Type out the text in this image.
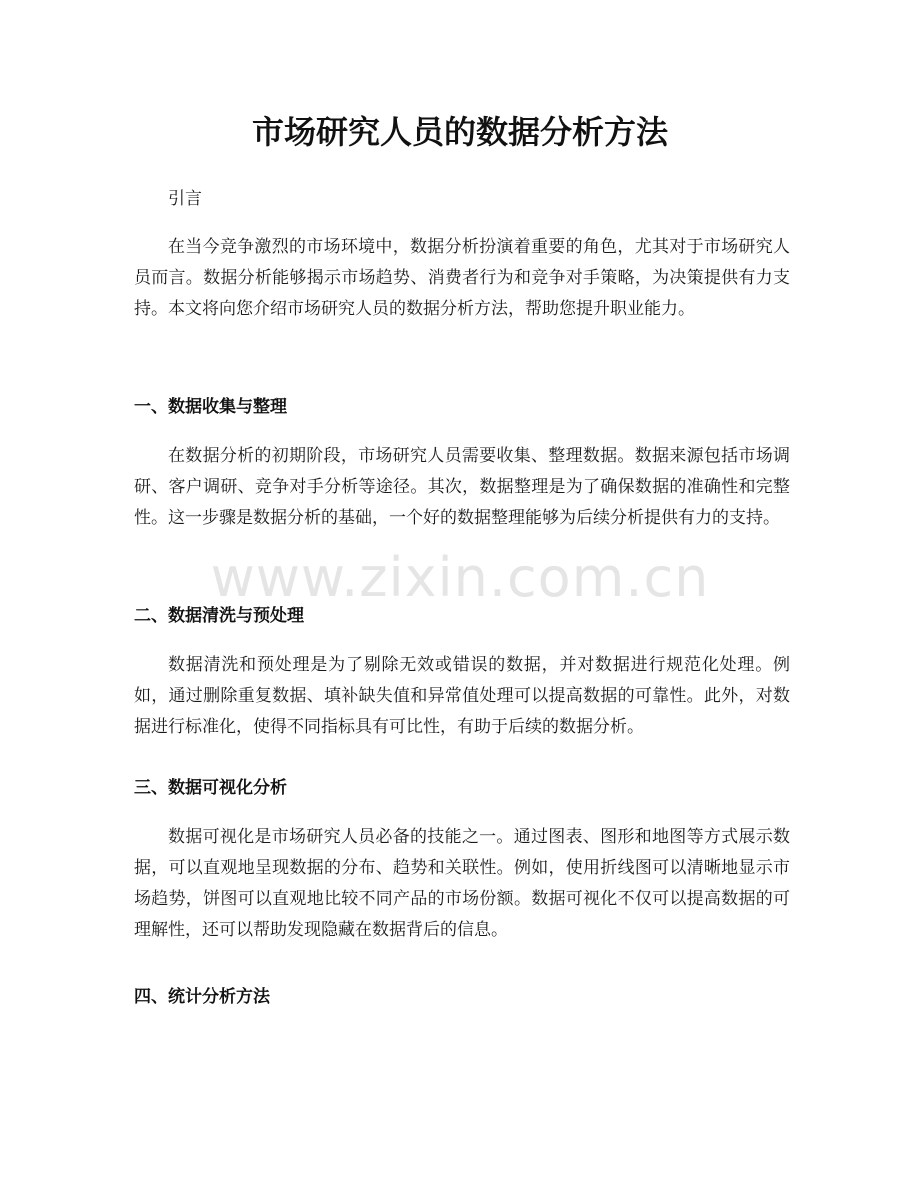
市场研究人员的数据分析方法

引言

在当今竞争激烈的市场环境中，数据分析扮演着重要的角色，尤其对于市场研究人员而言。数据分析能够揭示市场趋势、消费者行为和竞争对手策略，为决策提供有力支持。本文将向您介绍市场研究人员的数据分析方法，帮助您提升职业能力。

一、数据收集与整理

在数据分析的初期阶段，市场研究人员需要收集、整理数据。数据来源包括市场调研、客户调研、竞争对手分析等途径。其次，数据整理是为了确保数据的准确性和完整性。这一步骤是数据分析的基础，一个好的数据整理能够为后续分析提供有力的支持。

二、数据清洗与预处理

数据清洗和预处理是为了剔除无效或错误的数据，并对数据进行规范化处理。例如，通过删除重复数据、填补缺失值和异常值处理可以提高数据的可靠性。此外，对数据进行标准化，使得不同指标具有可比性，有助于后续的数据分析。

三、数据可视化分析

数据可视化是市场研究人员必备的技能之一。通过图表、图形和地图等方式展示数据，可以直观地呈现数据的分布、趋势和关联性。例如，使用折线图可以清晰地显示市场趋势，饼图可以直观地比较不同产品的市场份额。数据可视化不仅可以提高数据的可理解性，还可以帮助发现隐藏在数据背后的信息。

四、统计分析方法
www.zixin.com.cn
